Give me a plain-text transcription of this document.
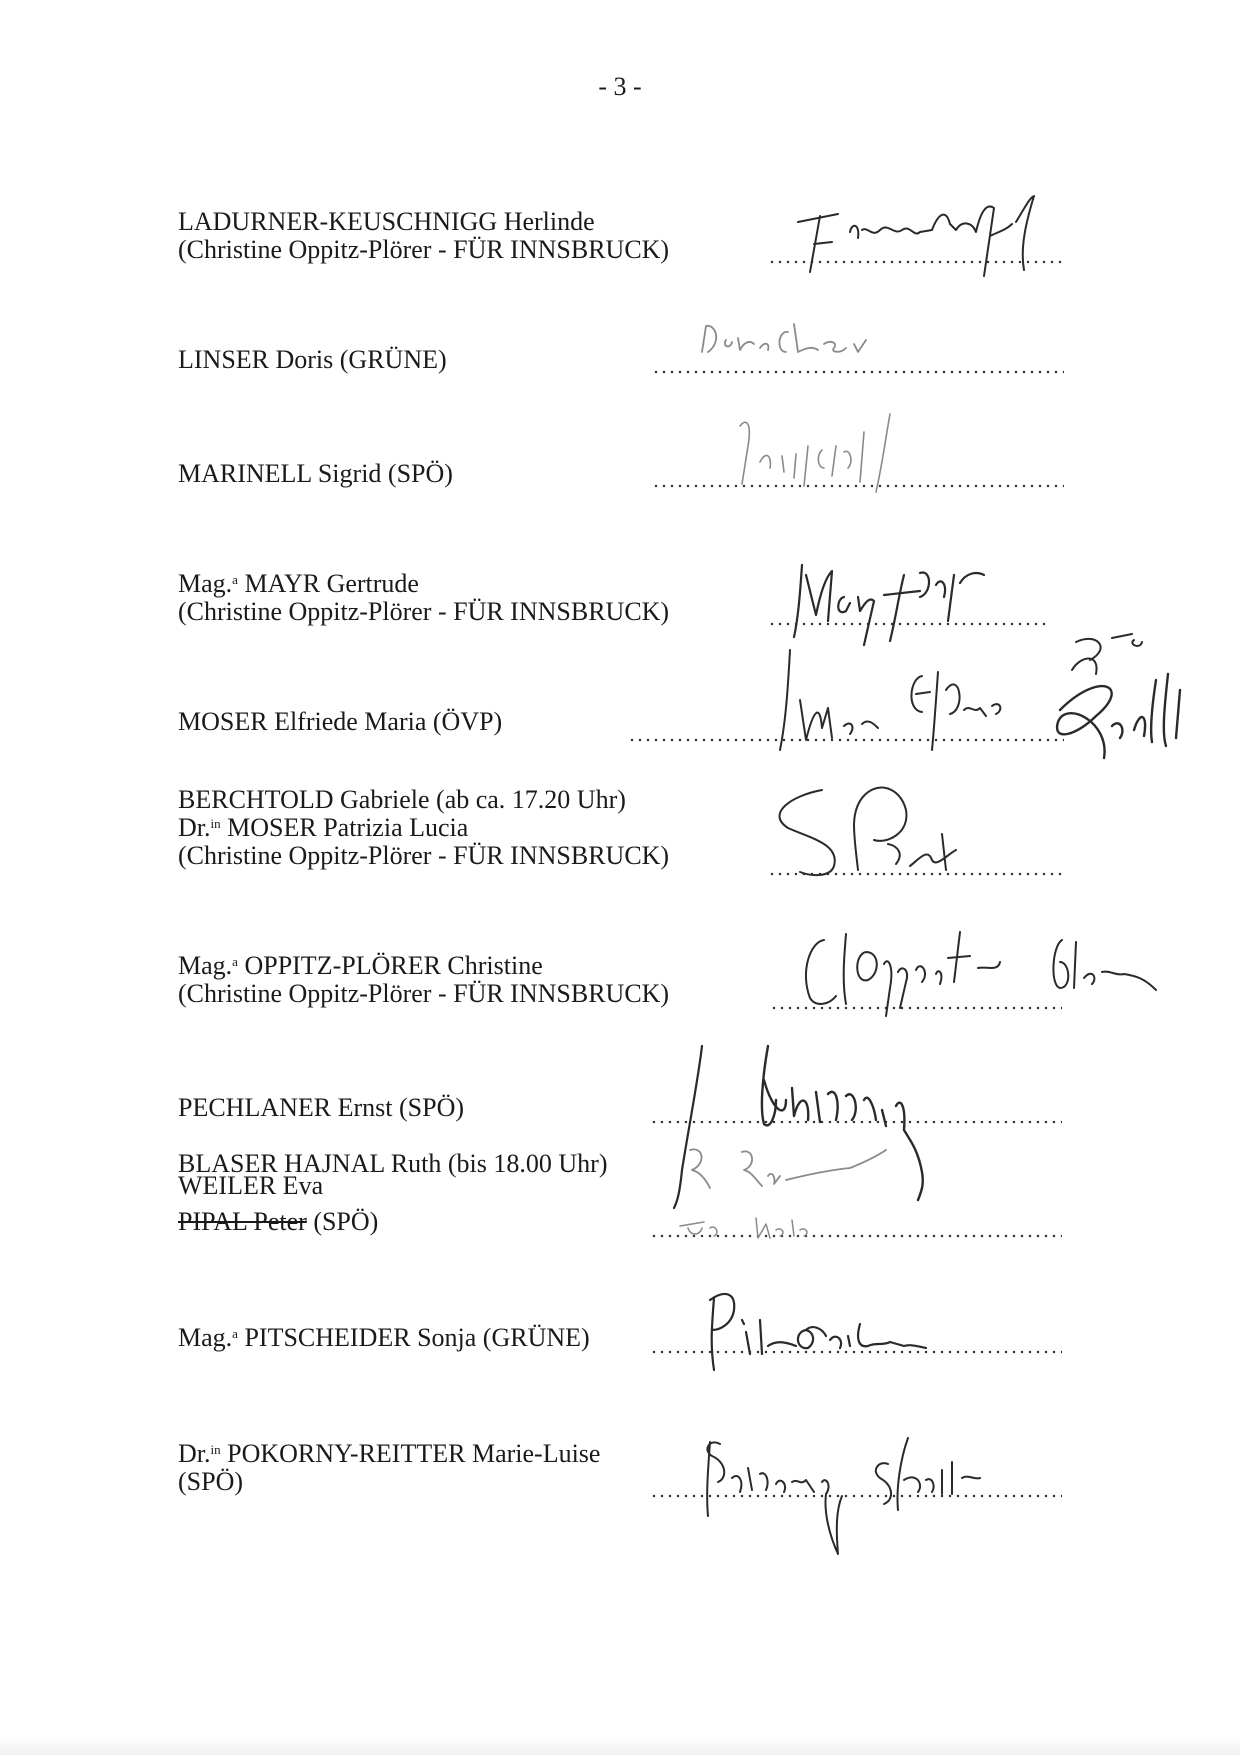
- 3 -
LADURNER-KEUSCHNIGG Herlinde
(Christine Oppitz-Plörer - FÜR INNSBRUCK)
LINSER Doris (GRÜNE)
MARINELL Sigrid (SPÖ)
Mag.$^a$ MAYR Gertrude
(Christine Oppitz-Plörer - FÜR INNSBRUCK)
MOSER Elfriede Maria (ÖVP)
BERCHTOLD Gabriele (ab ca. 17.20 Uhr)
Dr.$^{in}$ MOSER Patrizia Lucia
(Christine Oppitz-Plörer - FÜR INNSBRUCK)
Mag.$^a$ OPPITZ-PLÖRER Christine
(Christine Oppitz-Plörer - FÜR INNSBRUCK)
PECHLANER Ernst (SPÖ)
BLASER HAJNAL Ruth (bis 18.00 Uhr)
WEILER Eva
PIPAL Peter (SPÖ)
Mag.$^a$ PITSCHEIDER Sonja (GRÜNE)
Dr.$^{in}$ POKORNY-REITTER Marie-Luise
(SPÖ)
